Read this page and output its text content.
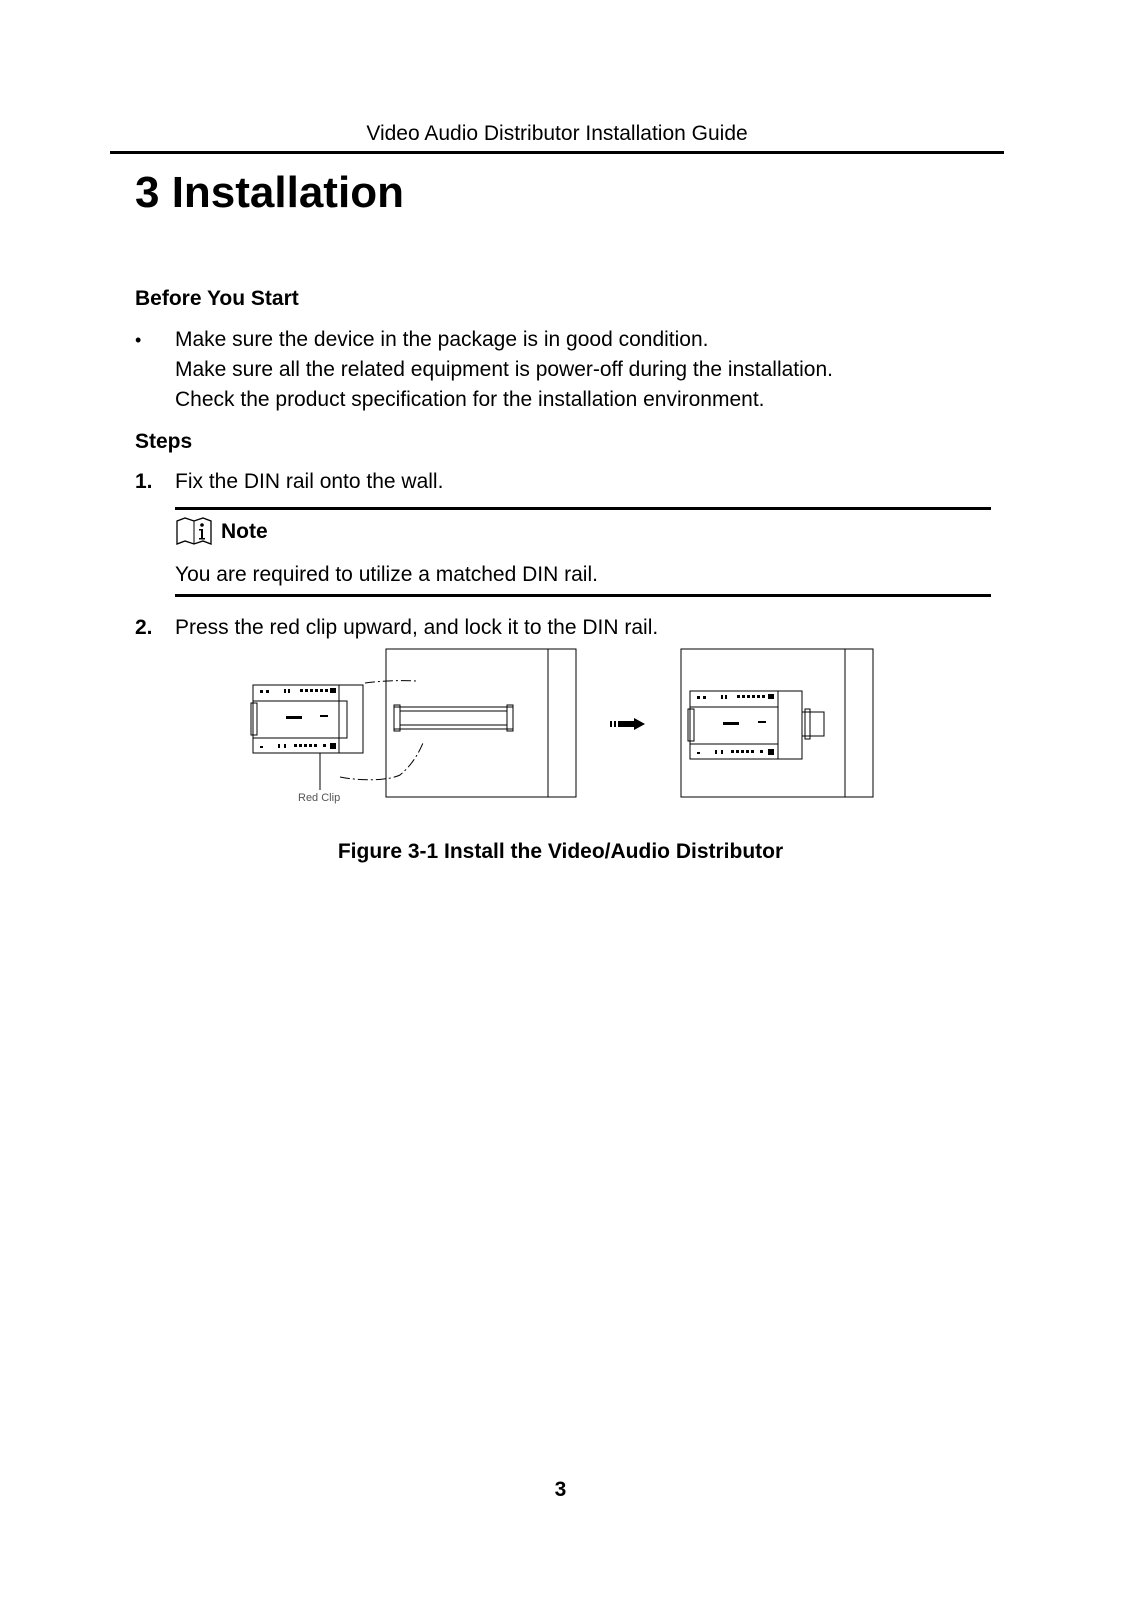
Video Audio Distributor Installation Guide
3 Installation
Before You Start
•	Make sure the device in the package is in good condition.
Make sure all the related equipment is power-off during the installation.
Check the product specification for the installation environment.
Steps
1. Fix the DIN rail onto the wall.
Note
You are required to utilize a matched DIN rail.
2. Press the red clip upward, and lock it to the DIN rail.
Red Clip
Figure 3-1 Install the Video/Audio Distributor
3
